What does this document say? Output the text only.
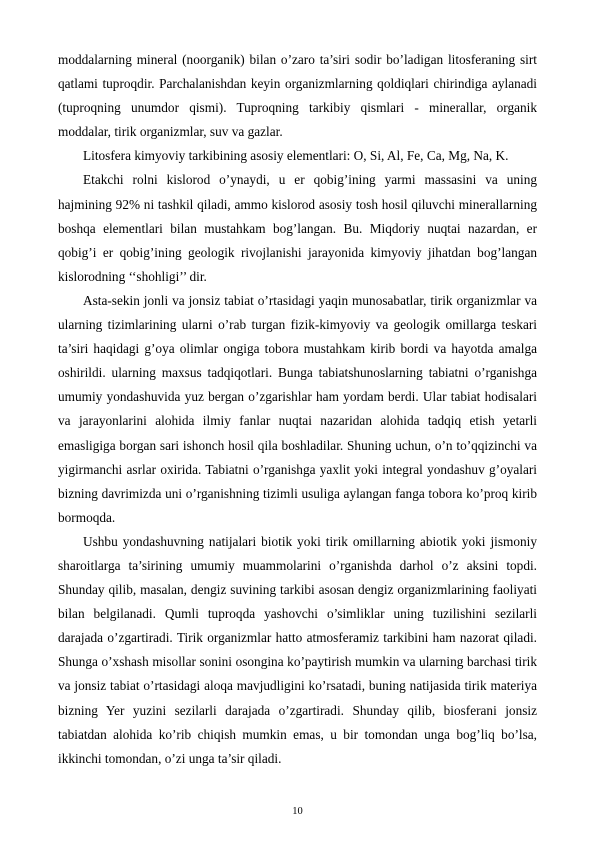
moddalarning mineral (noorganik) bilan o’zaro ta’siri sodir bo’ladigan litosferaning sirt qatlami tuproqdir. Parchalanishdan keyin organizmlarning qoldiqlari chirindiga aylanadi (tuproqning unumdor qismi). Tuproqning tarkibiy qismlari - minerallar, organik moddalar, tirik organizmlar, suv va gazlar.

Litosfera kimyoviy tarkibining asosiy elementlari: O, Si, Al, Fe, Ca, Mg, Na, K.

Etakchi rolni kislorod o’ynaydi, u er qobig’ining yarmi massasini va uning hajmining 92% ni tashkil qiladi, ammo kislorod asosiy tosh hosil qiluvchi minerallarning boshqa elementlari bilan mustahkam bog’langan. Bu. Miqdoriy nuqtai nazardan, er qobig’i er qobig’ining geologik rivojlanishi jarayonida kimyoviy jihatdan bog’langan kislorodning ‘‘shohligi’’ dir.

Asta-sekin jonli va jonsiz tabiat o’rtasidagi yaqin munosabatlar, tirik organizmlar va ularning tizimlarining ularni o’rab turgan fizik-kimyoviy va geologik omillarga teskari ta’siri haqidagi g’oya olimlar ongiga tobora mustahkam kirib bordi va hayotda amalga oshirildi. ularning maxsus tadqiqotlari. Bunga tabiatshunoslarning tabiatni o’rganishga umumiy yondashuvida yuz bergan o’zgarishlar ham yordam berdi. Ular tabiat hodisalari va jarayonlarini alohida ilmiy fanlar nuqtai nazaridan alohida tadqiq etish yetarli emasligiga borgan sari ishonch hosil qila boshladilar. Shuning uchun, o’n to’qqizinchi va yigirmanchi asrlar oxirida. Tabiatni o’rganishga yaxlit yoki integral yondashuv g’oyalari bizning davrimizda uni o’rganishning tizimli usuliga aylangan fanga tobora ko’proq kirib bormoqda.

Ushbu yondashuvning natijalari biotik yoki tirik omillarning abiotik yoki jismoniy sharoitlarga ta’sirining umumiy muammolarini o’rganishda darhol o’z aksini topdi. Shunday qilib, masalan, dengiz suvining tarkibi asosan dengiz organizmlarining faoliyati bilan belgilanadi. Qumli tuproqda yashovchi o’simliklar uning tuzilishini sezilarli darajada o’zgartiradi. Tirik organizmlar hatto atmosferamiz tarkibini ham nazorat qiladi. Shunga o’xshash misollar sonini osongina ko’paytirish mumkin va ularning barchasi tirik va jonsiz tabiat o’rtasidagi aloqa mavjudligini ko’rsatadi, buning natijasida tirik materiya bizning Yer yuzini sezilarli darajada o’zgartiradi. Shunday qilib, biosferani jonsiz tabiatdan alohida ko’rib chiqish mumkin emas, u bir tomondan unga bog’liq bo’lsa, ikkinchi tomondan, o’zi unga ta’sir qiladi.

10
